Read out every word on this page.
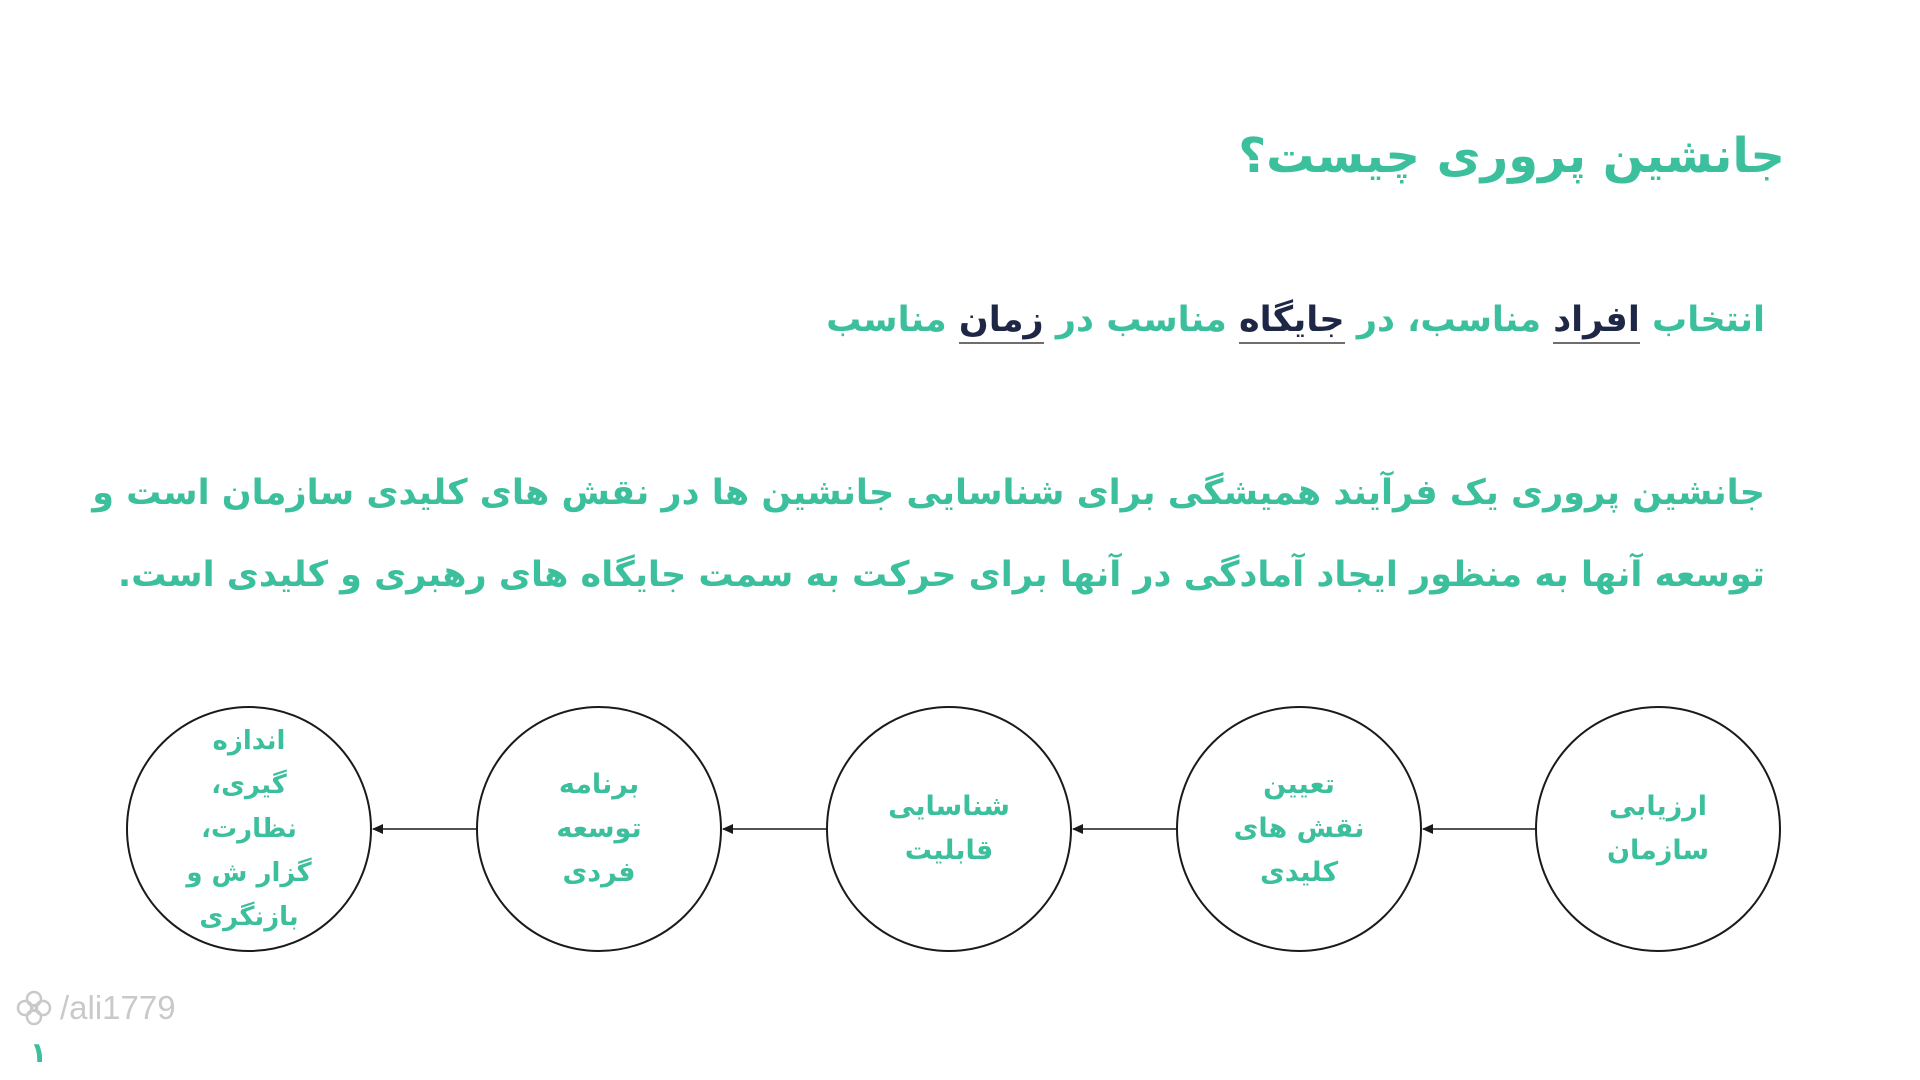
جانشین پروری چیست؟
انتخاب افراد مناسب، در جایگاه مناسب در زمان مناسب

جانشین پروری یک فرآیند همیشگی برای شناسایی جانشین ها در نقش های کلیدی سازمان است و

توسعه آنها به منظور ایجاد آمادگی در آنها برای حرکت به سمت جایگاه های رهبری و کلیدی است.

ارزیابی
سازمان
تعیین
نقش های
کلیدی
شناسایی
قابلیت
برنامه
توسعه
فردی
اندازه
گیری،
نظارت،
گزار ش و
بازنگری
/ali1779
۱
